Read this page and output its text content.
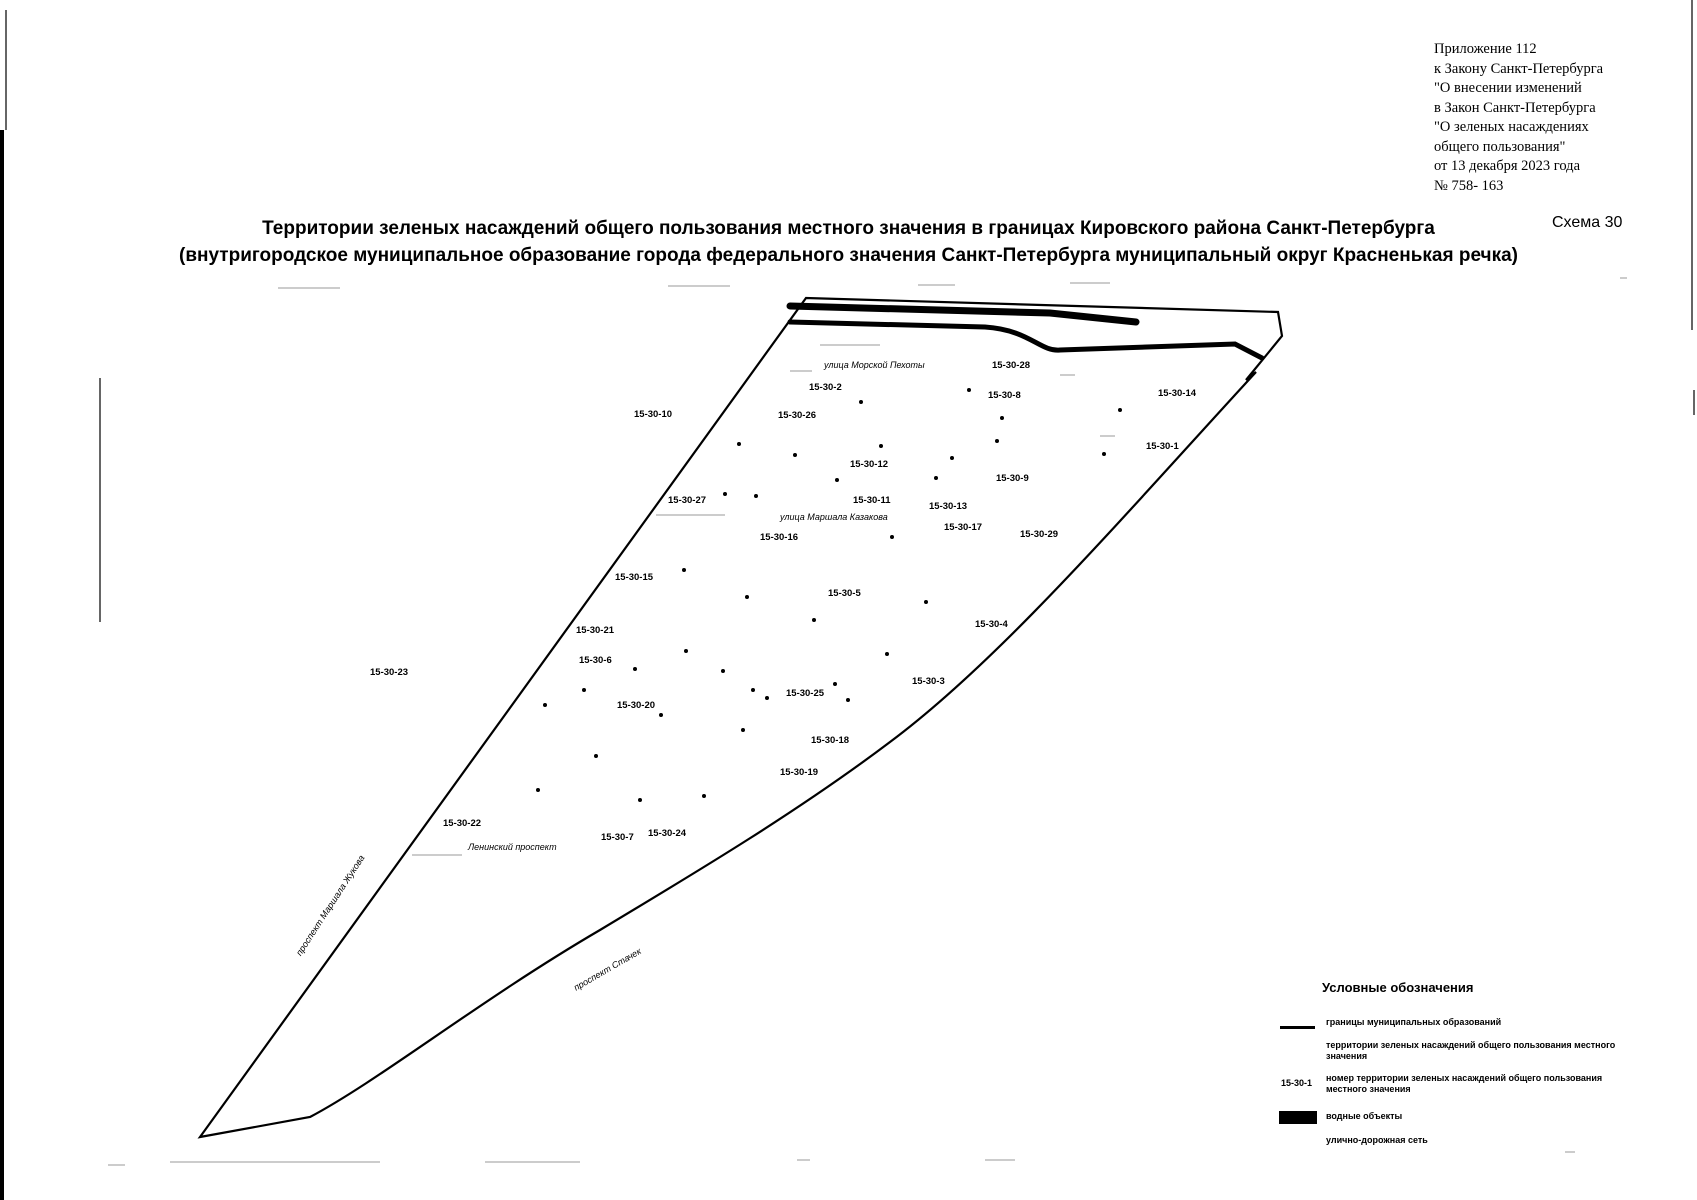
Приложение 112
к Закону Санкт-Петербурга
"О внесении изменений
в Закон Санкт-Петербурга
"О зеленых насаждениях
общего пользования"
от 13 декабря 2023 года
№ 758- 163
Схема 30
Территории зеленых насаждений общего пользования местного значения в границах Кировского района Санкт-Петербурга
(внутригородское муниципальное образование города федерального значения Санкт-Петербурга муниципальный округ Красненькая речка)
улица Морской Пехоты
улица Маршала Казакова
Ленинский проспект
проспект Маршала Жукова
проспект Стачек
15-30-28
15-30-2
15-30-8	15-30-14
15-30-10	15-30-26
15-30-1
15-30-12
15-30-9
15-30-27	15-30-11
15-30-13
15-30-17
15-30-16	15-30-29
15-30-15
15-30-5
15-30-4
15-30-21
15-30-6
15-30-3
15-30-23
15-30-25
15-30-20
15-30-18
15-30-19
15-30-22
15-30-7 15-30-24
Условные обозначения
границы муниципальных образований
территории зеленых насаждений общего пользования местного значения
15-30-1 номер территории зеленых насаждений общего пользования местного значения
водные объекты
улично-дорожная сеть
